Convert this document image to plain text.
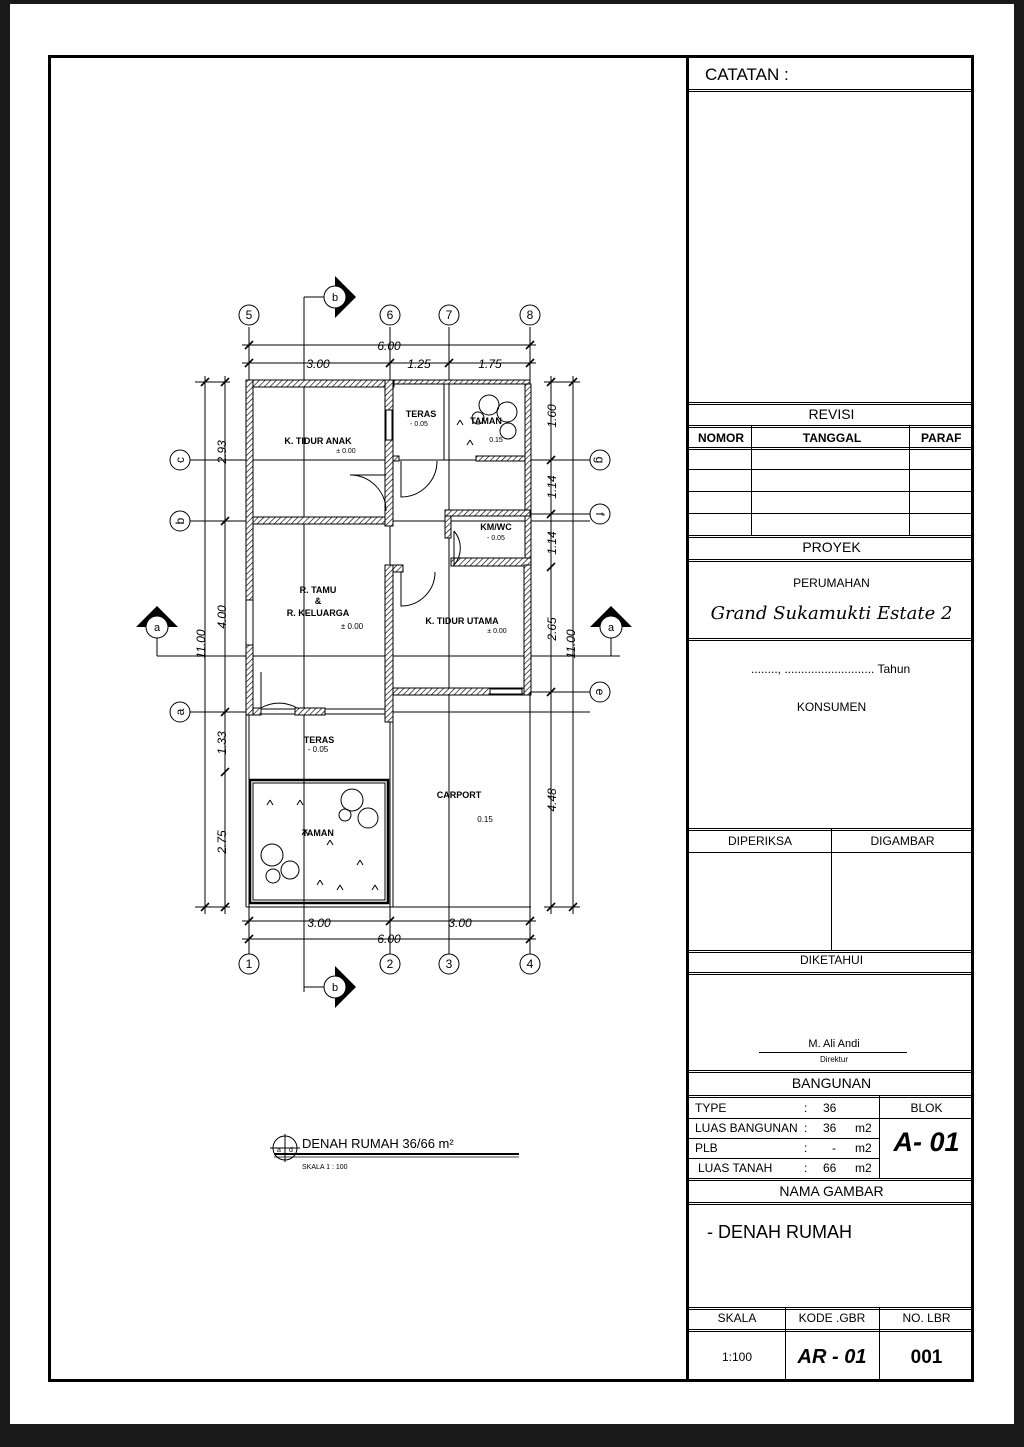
6.00
3.00	1.25	1.75
3.00	3.00
6.00
11.00
2.93
4.00
1.33
2.75
1.60
1.14
1.14
2.65
4.48
11.00
K. TIDUR ANAK
± 0.00
TERAS
- 0.05	TAMAN
0.15
KM/WC
- 0.05
R. TAMU
&
R. KELUARGA
± 0.00
K. TIDUR UTAMA
± 0.00
TERAS
- 0.05
CARPORT
0.15
TAMAN
5	6	7	8
1	2	3	4
c
b
a
g
f
e
b
b
a	a
a d DENAH RUMAH 36/66 m²
SKALA 1 : 100
CATATAN :
REVISI
NOMOR	TANGGAL	PARAF
PROYEK
PERUMAHAN
Grand Sukamukti Estate 2
........, ........................... Tahun
KONSUMEN
DIPERIKSA	DIGAMBAR
DIKETAHUI
M. Ali Andi
Direktur
BANGUNAN
TYPE	: 36
LUAS BANGUNAN : 36 m2
PLB	: - m2
LUAS TANAH	: 66 m2
BLOK
A- 01
NAMA GAMBAR
- DENAH RUMAH
SKALA	KODE .GBR	NO. LBR
1:100	AR - 01	001
